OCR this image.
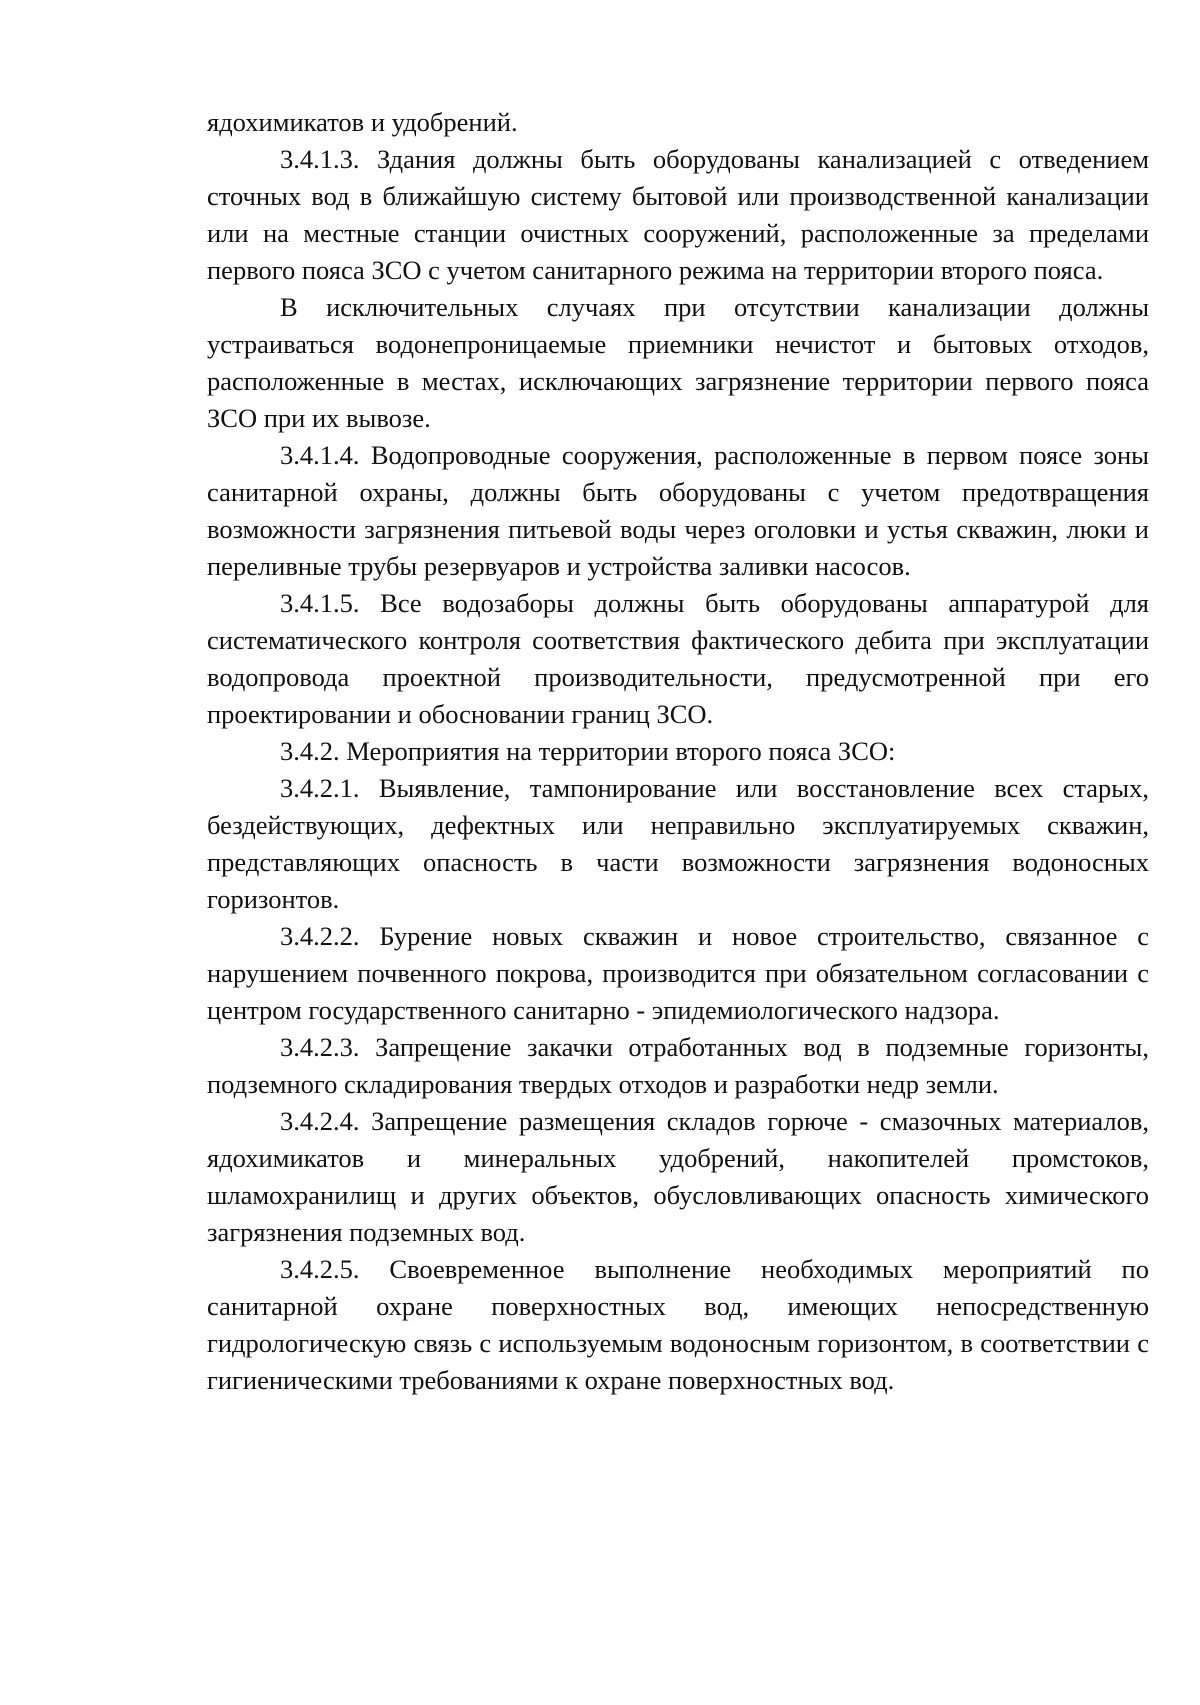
ядохимикатов и удобрений.

3.4.1.3. Здания должны быть оборудованы канализацией с отведением сточных вод в ближайшую систему бытовой или производственной канализации или на местные станции очистных сооружений, расположенные за пределами первого пояса ЗСО с учетом санитарного режима на территории второго пояса.

В исключительных случаях при отсутствии канализации должны устраиваться водонепроницаемые приемники нечистот и бытовых отходов, расположенные в местах, исключающих загрязнение территории первого пояса ЗСО при их вывозе.

3.4.1.4. Водопроводные сооружения, расположенные в первом поясе зоны санитарной охраны, должны быть оборудованы с учетом предотвращения возможности загрязнения питьевой воды через оголовки и устья скважин, люки и переливные трубы резервуаров и устройства заливки насосов.

3.4.1.5. Все водозаборы должны быть оборудованы аппаратурой для систематического контроля соответствия фактического дебита при эксплуатации водопровода проектной производительности, предусмотренной при его проектировании и обосновании границ ЗСО.

3.4.2. Мероприятия на территории второго пояса ЗСО:

3.4.2.1. Выявление, тампонирование или восстановление всех старых, бездействующих, дефектных или неправильно эксплуатируемых скважин, представляющих опасность в части возможности загрязнения водоносных горизонтов.

3.4.2.2. Бурение новых скважин и новое строительство, связанное с нарушением почвенного покрова, производится при обязательном согласовании с центром государственного санитарно - эпидемиологического надзора.

3.4.2.3. Запрещение закачки отработанных вод в подземные горизонты, подземного складирования твердых отходов и разработки недр земли.

3.4.2.4. Запрещение размещения складов горюче - смазочных материалов, ядохимикатов и минеральных удобрений, накопителей промстоков, шламохранилищ и других объектов, обусловливающих опасность химического загрязнения подземных вод.

3.4.2.5. Своевременное выполнение необходимых мероприятий по санитарной охране поверхностных вод, имеющих непосредственную гидрологическую связь с используемым водоносным горизонтом, в соответствии с гигиеническими требованиями к охране поверхностных вод.
